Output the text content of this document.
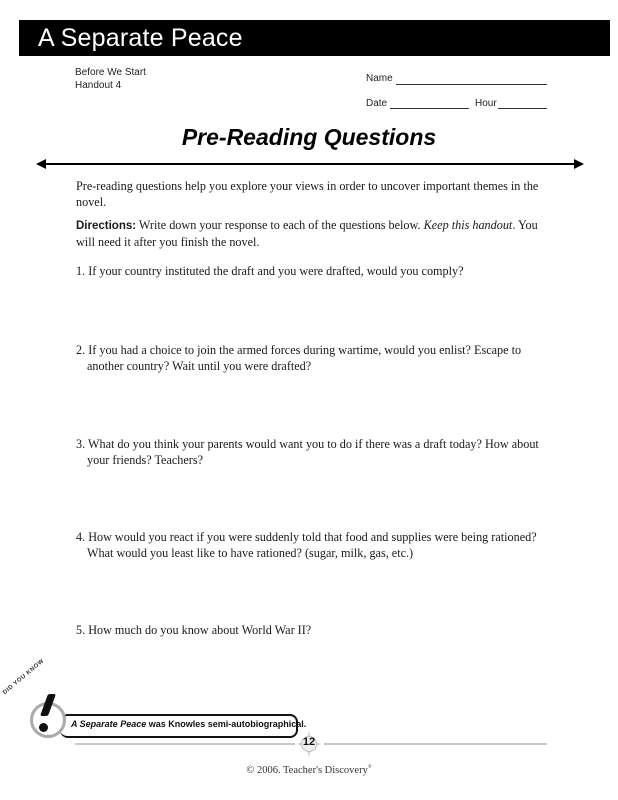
A Separate Peace
Before We Start
Handout 4
Name
Date	Hour
Pre-Reading Questions
Pre-reading questions help you explore your views in order to uncover important themes in the novel.
Directions: Write down your response to each of the questions below. Keep this handout. You will need it after you finish the novel.
1. If your country instituted the draft and you were drafted, would you comply?
2. If you had a choice to join the armed forces during wartime, would you enlist? Escape to another country? Wait until you were drafted?
3. What do you think your parents would want you to do if there was a draft today? How about your friends? Teachers?
4. How would you react if you were suddenly told that food and supplies were being rationed? What would you least like to have rationed? (sugar, milk, gas, etc.)
5. How much do you know about World War II?
DID YOU KNOW
A Separate Peace was Knowles semi-autobiographical.
12
© 2006. Teacher's Discovery®
